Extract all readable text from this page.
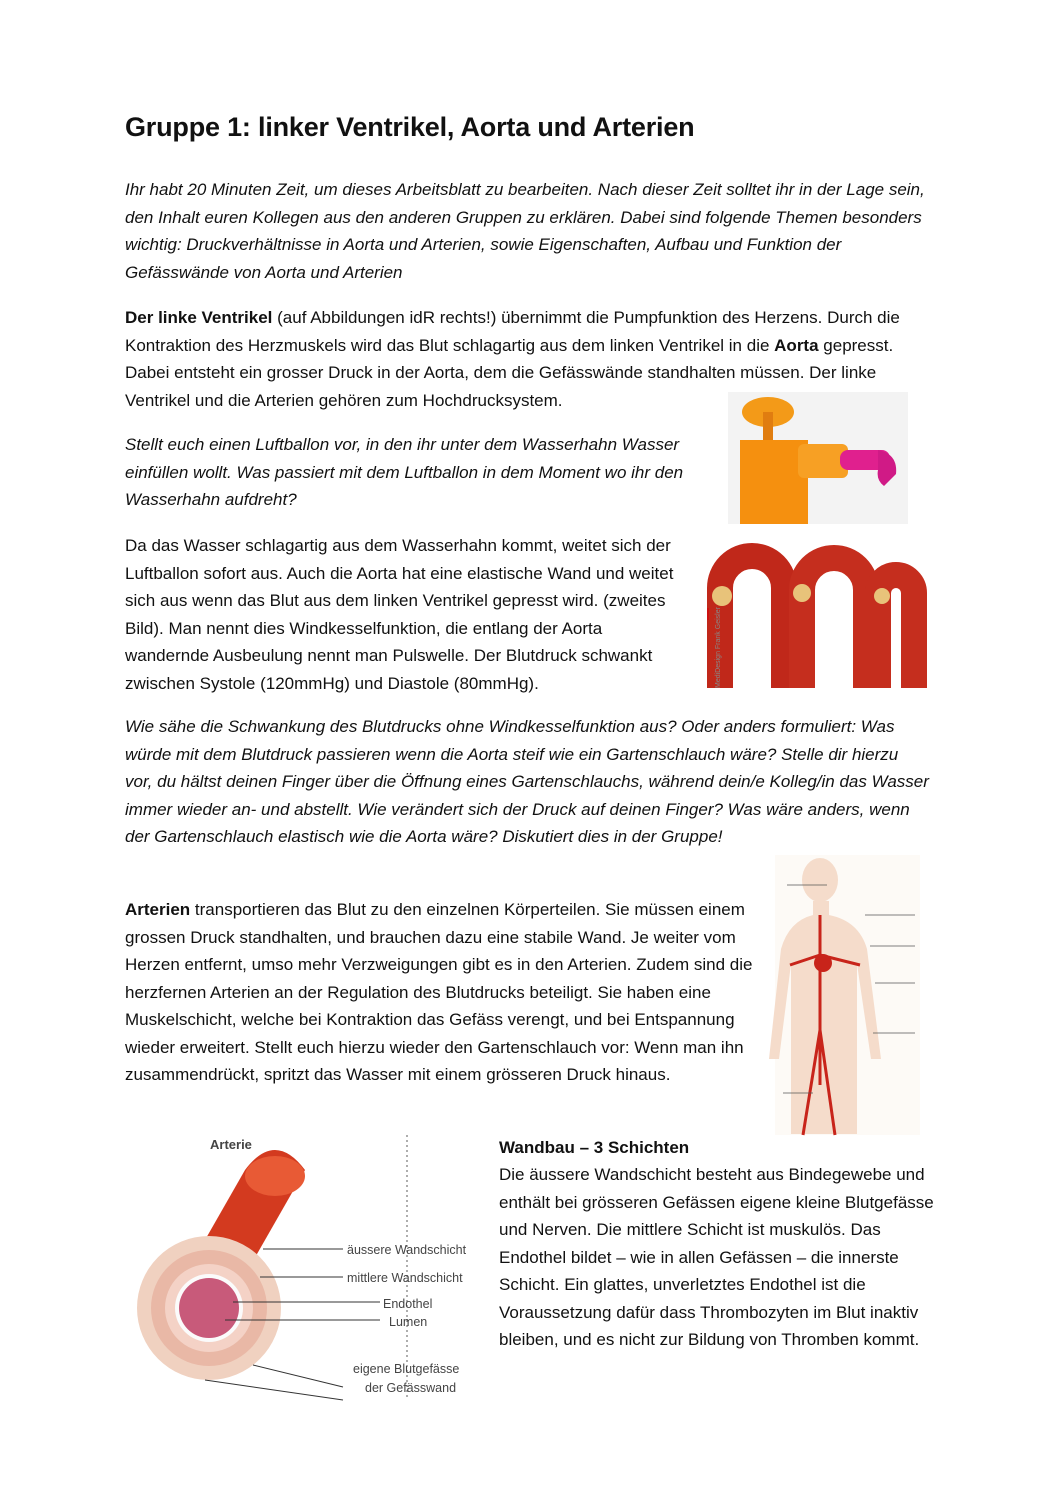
Gruppe 1: linker Ventrikel, Aorta und Arterien

Ihr habt 20 Minuten Zeit, um dieses Arbeitsblatt zu bearbeiten. Nach dieser Zeit solltet ihr in der Lage sein, den Inhalt euren Kollegen aus den anderen Gruppen zu erklären. Dabei sind folgende Themen besonders wichtig: Druckverhältnisse in Aorta und Arterien, sowie Eigenschaften, Aufbau und Funktion der Gefässwände von Aorta und Arterien

Der linke Ventrikel (auf Abbildungen idR rechts!) übernimmt die Pumpfunktion des Herzens. Durch die Kontraktion des Herzmuskels wird das Blut schlagartig aus dem linken Ventrikel in die Aorta gepresst. Dabei entsteht ein grosser Druck in der Aorta, dem die Gefässwände standhalten müssen. Der linke Ventrikel und die Arterien gehören zum Hochdrucksystem.

Stellt euch einen Luftballon vor, in den ihr unter dem Wasserhahn Wasser einfüllen wollt. Was passiert mit dem Luftballon in dem Moment wo ihr den Wasserhahn aufdreht?

Da das Wasser schlagartig aus dem Wasserhahn kommt, weitet sich der Luftballon sofort aus. Auch die Aorta hat eine elastische Wand und weitet sich aus wenn das Blut aus dem linken Ventrikel gepresst wird. (zweites Bild). Man nennt dies Windkesselfunktion, die entlang der Aorta wandernde Ausbeulung nennt man Pulswelle. Der Blutdruck schwankt zwischen Systole (120mmHg) und Diastole (80mmHg).	MediDesign Frank Geisler

Wie sähe die Schwankung des Blutdrucks ohne Windkesselfunktion aus? Oder anders formuliert: Was würde mit dem Blutdruck passieren wenn die Aorta steif wie ein Gartenschlauch wäre? Stelle dir hierzu vor, du hältst deinen Finger über die Öffnung eines Gartenschlauchs, während dein/e Kolleg/in das Wasser immer wieder an- und abstellt. Wie verändert sich der Druck auf deinen Finger? Was wäre anders, wenn der Gartenschlauch elastisch wie die Aorta wäre? Diskutiert dies in der Gruppe!

Arterien transportieren das Blut zu den einzelnen Körperteilen. Sie müssen einem grossen Druck standhalten, und brauchen dazu eine stabile Wand. Je weiter vom Herzen entfernt, umso mehr Verzweigungen gibt es in den Arterien. Zudem sind die herzfernen Arterien an der Regulation des Blutdrucks beteiligt. Sie haben eine Muskelschicht, welche bei Kontraktion das Gefäss verengt, und bei Entspannung wieder erweitert. Stellt euch hierzu wieder den Gartenschlauch vor: Wenn man ihn zusammendrückt, spritzt das Wasser mit einem grösseren Druck hinaus.

Arterie
äussere Wandschicht
mittlere Wandschicht
Endothel
Lumen
eigene Blutgefässe
der Gefässwand
Wandbau – 3 Schichten

Die äussere Wandschicht besteht aus Bindegewebe und enthält bei grösseren Gefässen eigene kleine Blutgefässe und Nerven. Die mittlere Schicht ist muskulös. Das Endothel bildet – wie in allen Gefässen – die innerste Schicht. Ein glattes, unverletztes Endothel ist die Voraussetzung dafür dass Thrombozyten im Blut inaktiv bleiben, und es nicht zur Bildung von Thromben kommt.
